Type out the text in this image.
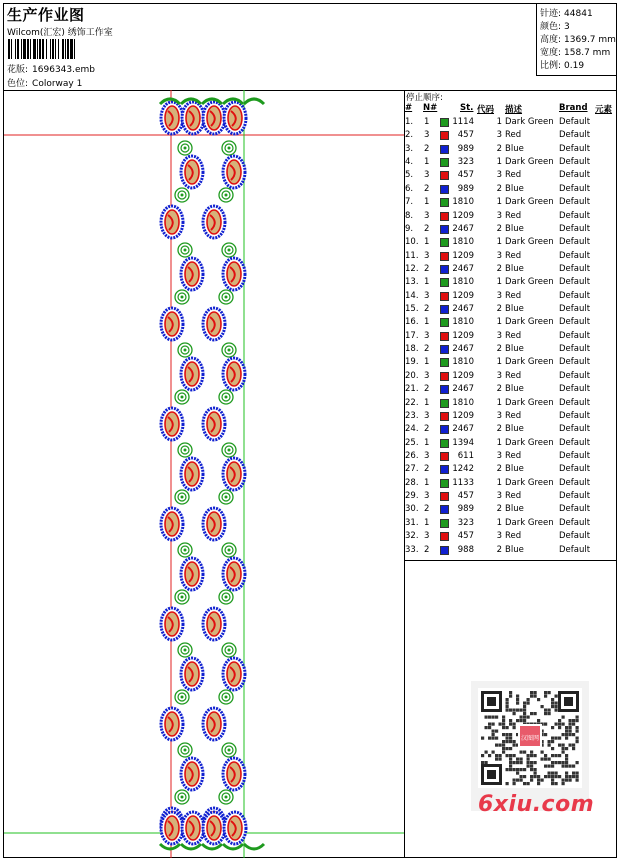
生产作业图
Wilcom(汇宏) 绣饰工作室
花版: 1696343.emb
色位: Colorway 1
针迹: 44841
颜色: 3
高度: 1369.7 mm
宽度: 158.7 mm
比例: 0.19
停止顺序:
# N#	St. 代码 描述	Brand 元素
1. 1	1114	1 Dark Green Default
2. 3	457	3 Red	Default
3. 2	989	2 Blue	Default
4. 1	323	1 Dark Green Default
5. 3	457	3 Red	Default
6. 2	989	2 Blue	Default
7. 1	1810	1 Dark Green Default
8. 3	1209	3 Red	Default
9. 2	2467	2 Blue	Default
10. 1	1810	1 Dark Green Default
11. 3	1209	3 Red	Default
12. 2	2467	2 Blue	Default
13. 1	1810	1 Dark Green Default
14. 3	1209	3 Red	Default
15. 2	2467	2 Blue	Default
16. 1	1810	1 Dark Green Default
17. 3	1209	3 Red	Default
18. 2	2467	2 Blue	Default
19. 1	1810	1 Dark Green Default
20. 3	1209	3 Red	Default
21. 2	2467	2 Blue	Default
22. 1	1810	1 Dark Green Default
23. 3	1209	3 Red	Default
24. 2	2467	2 Blue	Default
25. 1	1394	1 Dark Green Default
26. 3	611	3 Red	Default
27. 2	1242	2 Blue	Default
28. 1	1133	1 Dark Green Default
29. 3	457	3 Red	Default
30. 2	989	2 Blue	Default
31. 1	323	1 Dark Green Default
32. 3	457	3 Red	Default
33. 2	988	2 Blue	Default
汉图网
6xiu.com
